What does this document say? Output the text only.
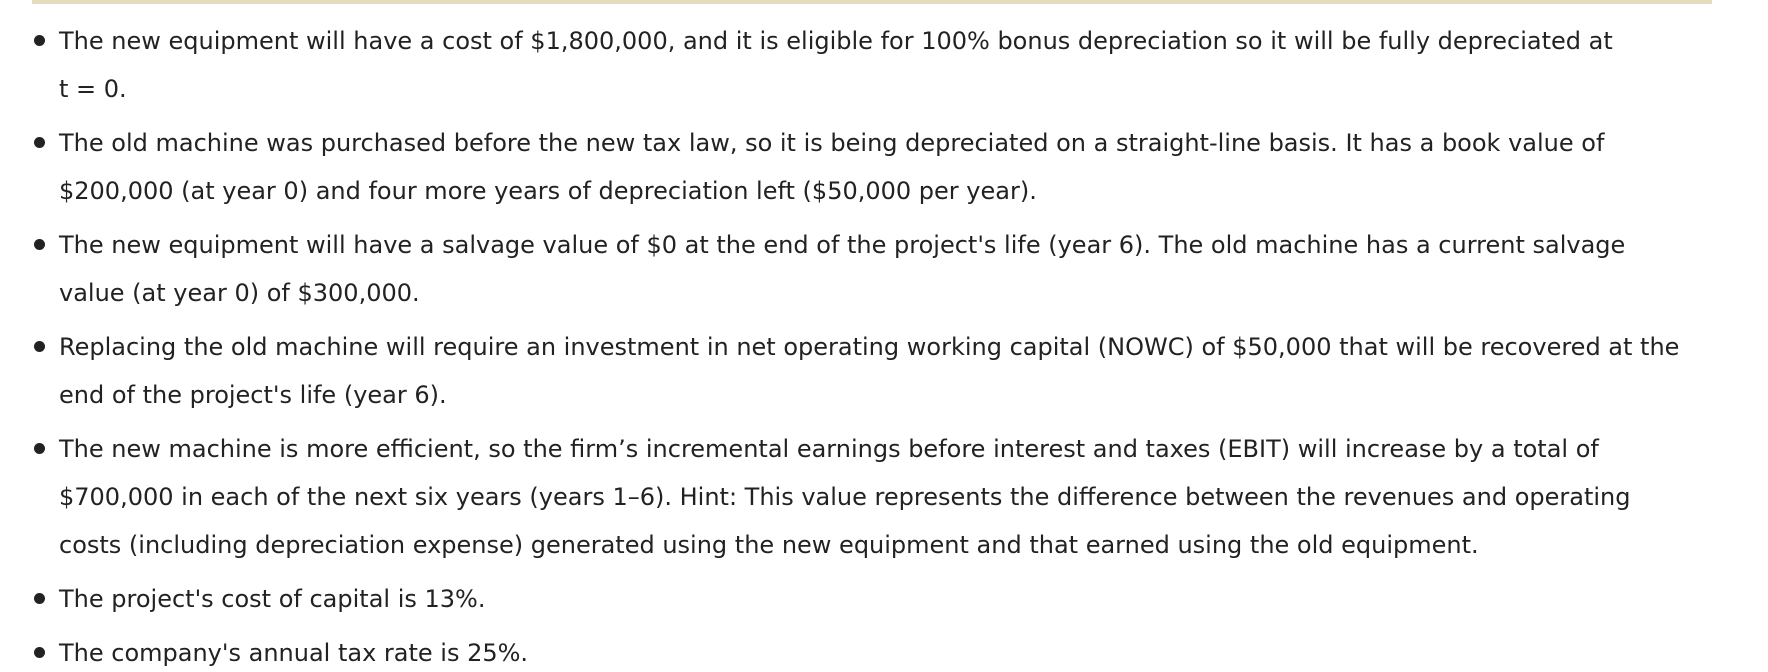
The new equipment will have a cost of $1,800,000, and it is eligible for 100% bonus depreciation so it will be fully depreciated at
t = 0.
The old machine was purchased before the new tax law, so it is being depreciated on a straight-line basis. It has a book value of
$200,000 (at year 0) and four more years of depreciation left ($50,000 per year).
The new equipment will have a salvage value of $0 at the end of the project's life (year 6). The old machine has a current salvage
value (at year 0) of $300,000.
Replacing the old machine will require an investment in net operating working capital (NOWC) of $50,000 that will be recovered at the
end of the project's life (year 6).
The new machine is more efficient, so the firm’s incremental earnings before interest and taxes (EBIT) will increase by a total of
$700,000 in each of the next six years (years 1–6). Hint: This value represents the difference between the revenues and operating
costs (including depreciation expense) generated using the new equipment and that earned using the old equipment.
The project's cost of capital is 13%.
The company's annual tax rate is 25%.
